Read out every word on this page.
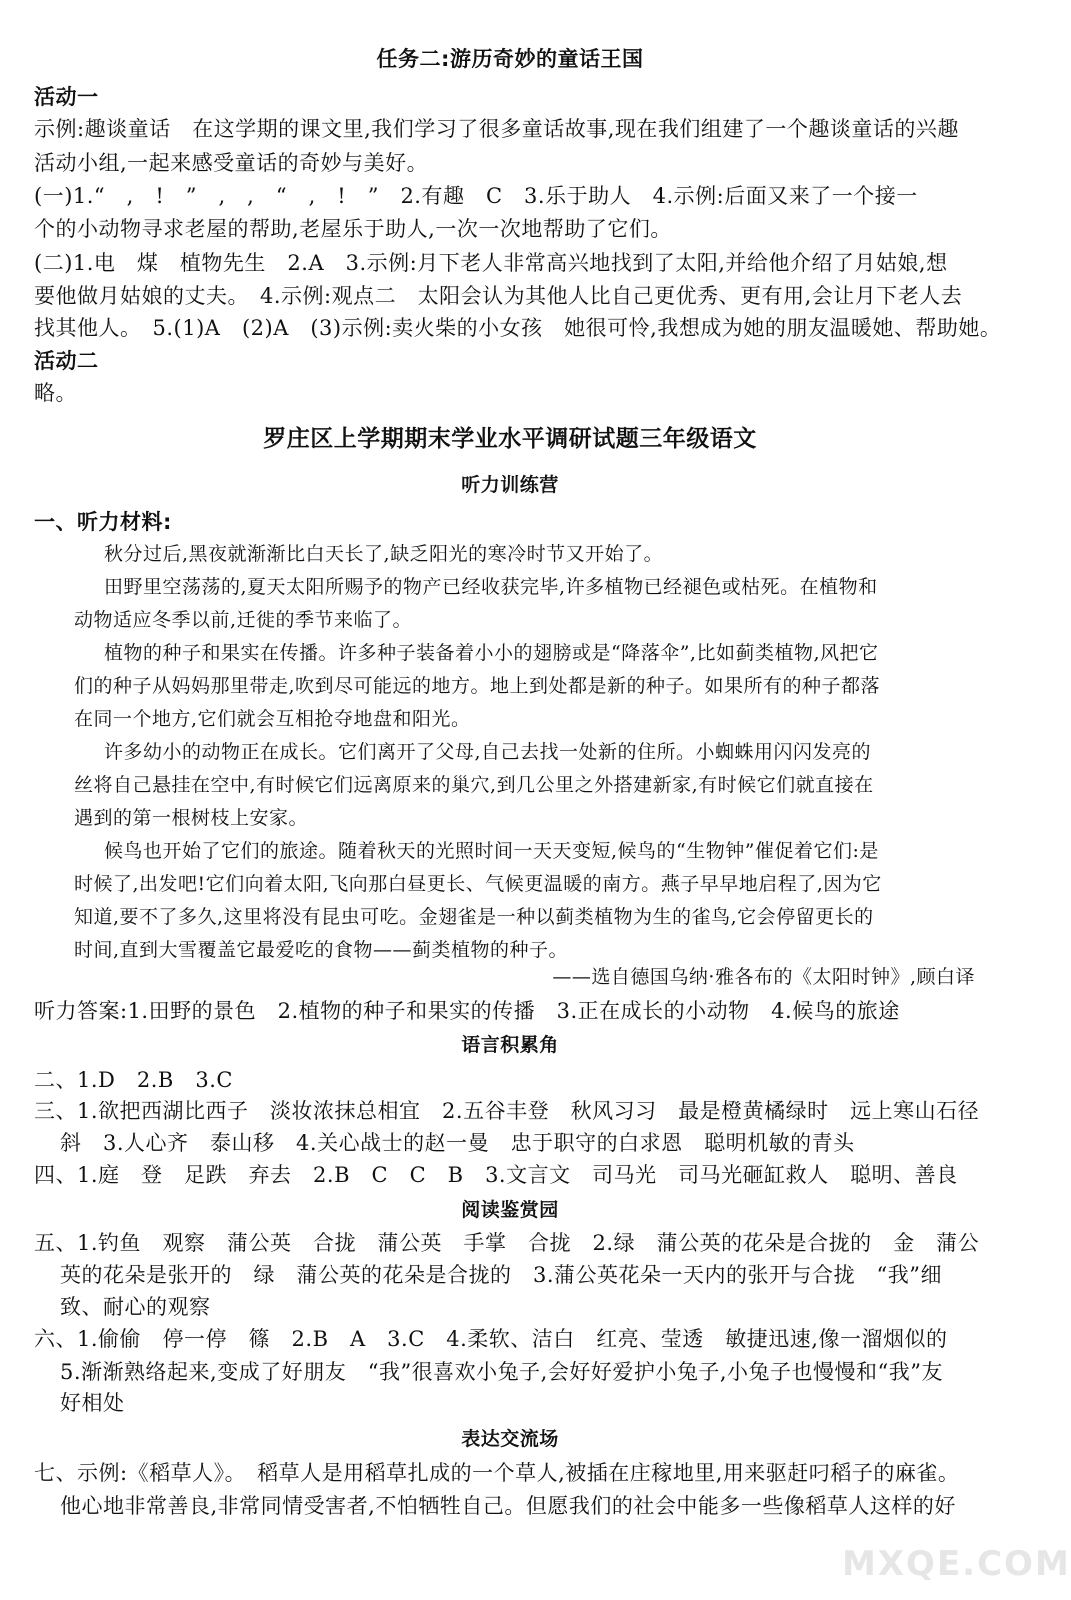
任务二:游历奇妙的童话王国
活动一
示例:趣谈童话　在这学期的课文里,我们学习了很多童话故事,现在我们组建了一个趣谈童话的兴趣
活动小组,一起来感受童话的奇妙与美好。
(一)1.“　,　!　”　,　,　“　,　!　”　2.有趣　C　3.乐于助人　4.示例:后面又来了一个接一
个的小动物寻求老屋的帮助,老屋乐于助人,一次一次地帮助了它们。
(二)1.电　煤　植物先生　2.A　3.示例:月下老人非常高兴地找到了太阳,并给他介绍了月姑娘,想
要他做月姑娘的丈夫。　4.示例:观点二　太阳会认为其他人比自己更优秀、更有用,会让月下老人去
找其他人。　5.(1)A　(2)A　(3)示例:卖火柴的小女孩　她很可怜,我想成为她的朋友温暖她、帮助她。
活动二
略。
罗庄区上学期期末学业水平调研试题三年级语文
听力训练营
一、听力材料:
秋分过后,黑夜就渐渐比白天长了,缺乏阳光的寒冷时节又开始了。
田野里空荡荡的,夏天太阳所赐予的物产已经收获完毕,许多植物已经褪色或枯死。在植物和
动物适应冬季以前,迁徙的季节来临了。
植物的种子和果实在传播。许多种子装备着小小的翅膀或是“降落伞”,比如蓟类植物,风把它
们的种子从妈妈那里带走,吹到尽可能远的地方。地上到处都是新的种子。如果所有的种子都落
在同一个地方,它们就会互相抢夺地盘和阳光。
许多幼小的动物正在成长。它们离开了父母,自己去找一处新的住所。小蜘蛛用闪闪发亮的
丝将自己悬挂在空中,有时候它们远离原来的巢穴,到几公里之外搭建新家,有时候它们就直接在
遇到的第一根树枝上安家。
候鸟也开始了它们的旅途。随着秋天的光照时间一天天变短,候鸟的“生物钟”催促着它们:是
时候了,出发吧!它们向着太阳,飞向那白昼更长、气候更温暖的南方。燕子早早地启程了,因为它
知道,要不了多久,这里将没有昆虫可吃。金翅雀是一种以蓟类植物为生的雀鸟,它会停留更长的
时间,直到大雪覆盖它最爱吃的食物——蓟类植物的种子。
——选自德国乌纳·雅各布的《太阳时钟》,顾白译
听力答案:1.田野的景色　2.植物的种子和果实的传播　3.正在成长的小动物　4.候鸟的旅途
语言积累角
二、1.D　2.B　3.C
三、1.欲把西湖比西子　淡妆浓抹总相宜　2.五谷丰登　秋风习习　最是橙黄橘绿时　远上寒山石径
斜　3.人心齐　泰山移　4.关心战士的赵一曼　忠于职守的白求恩　聪明机敏的青头
四、1.庭　登　足跌　弃去　2.B　C　C　B　3.文言文　司马光　司马光砸缸救人　聪明、善良
阅读鉴赏园
五、1.钓鱼　观察　蒲公英　合拢　蒲公英　手掌　合拢　2.绿　蒲公英的花朵是合拢的　金　蒲公
英的花朵是张开的　绿　蒲公英的花朵是合拢的　3.蒲公英花朵一天内的张开与合拢　“我”细
致、耐心的观察
六、1.偷偷　停一停　篠　2.B　A　3.C　4.柔软、洁白　红亮、莹透　敏捷迅速,像一溜烟似的
5.渐渐熟络起来,变成了好朋友　“我”很喜欢小兔子,会好好爱护小兔子,小兔子也慢慢和“我”友
好相处
表达交流场
七、示例:《稻草人》。　稻草人是用稻草扎成的一个草人,被插在庄稼地里,用来驱赶叼稻子的麻雀。
他心地非常善良,非常同情受害者,不怕牺牲自己。但愿我们的社会中能多一些像稻草人这样的好
MXQE.COM
